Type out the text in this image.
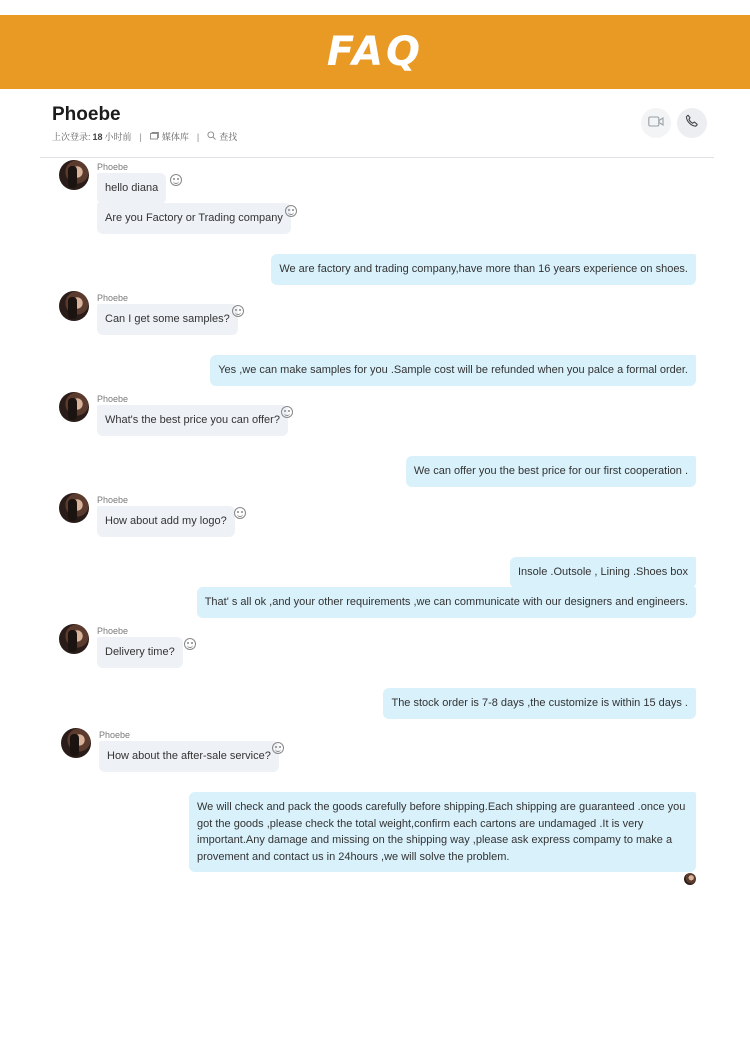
FAQ
Phoebe
上次登录: 18 小时前 | 媒体库 | 查找
Phoebe
hello diana
Are you Factory or Trading company
We are factory and trading company,have more than 16 years experience on shoes.
Phoebe
Can I get some samples?
Yes ,we can make samples for you .Sample cost will be refunded when you palce a formal order.
Phoebe
What's the best price you can offer?
We can offer you the best price for our first cooperation .
Phoebe
How about add my logo?
Insole .Outsole , Lining .Shoes box
That' s all ok ,and your other requirements ,we can communicate with our designers and engineers.
Phoebe
Delivery time?
The stock order is 7-8 days ,the customize is within 15 days .
Phoebe
How about the after-sale service?
We will check and pack the goods carefully before shipping.Each shipping are guaranteed .once you got the goods ,please check the total weight,confirm each cartons are undamaged .It is very important.Any damage and missing on the shipping way ,please ask express compamy to make a provement and contact us in 24hours ,we will solve the problem.
